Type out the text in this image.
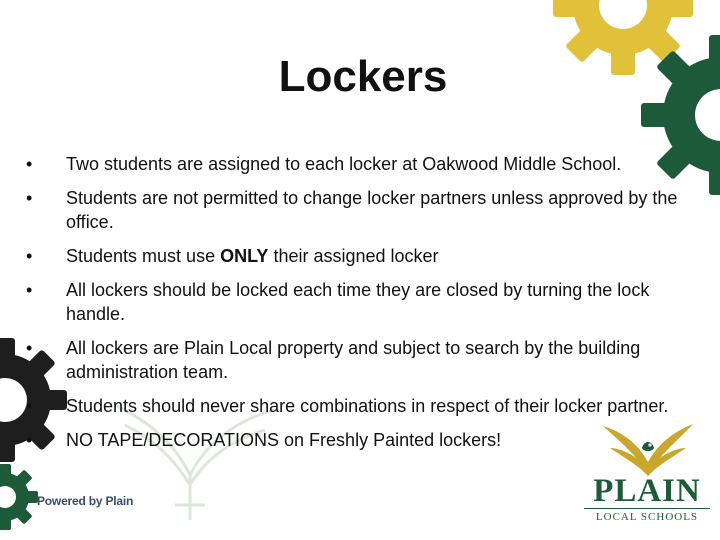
Lockers
•	Two students are assigned to each locker at Oakwood Middle School.
•	Students are not permitted to change locker partners unless approved by the office.
•	Students must use ONLY their assigned locker
•	All lockers should be locked each time they are closed by turning the lock handle.
•	All lockers are Plain Local property and subject to search by the building administration team.
•	Students should never share combinations in respect of their locker partner.
•	NO TAPE/DECORATIONS on Freshly Painted lockers!
Powered by Plain	PLAIN
LOCAL SCHOOLS
